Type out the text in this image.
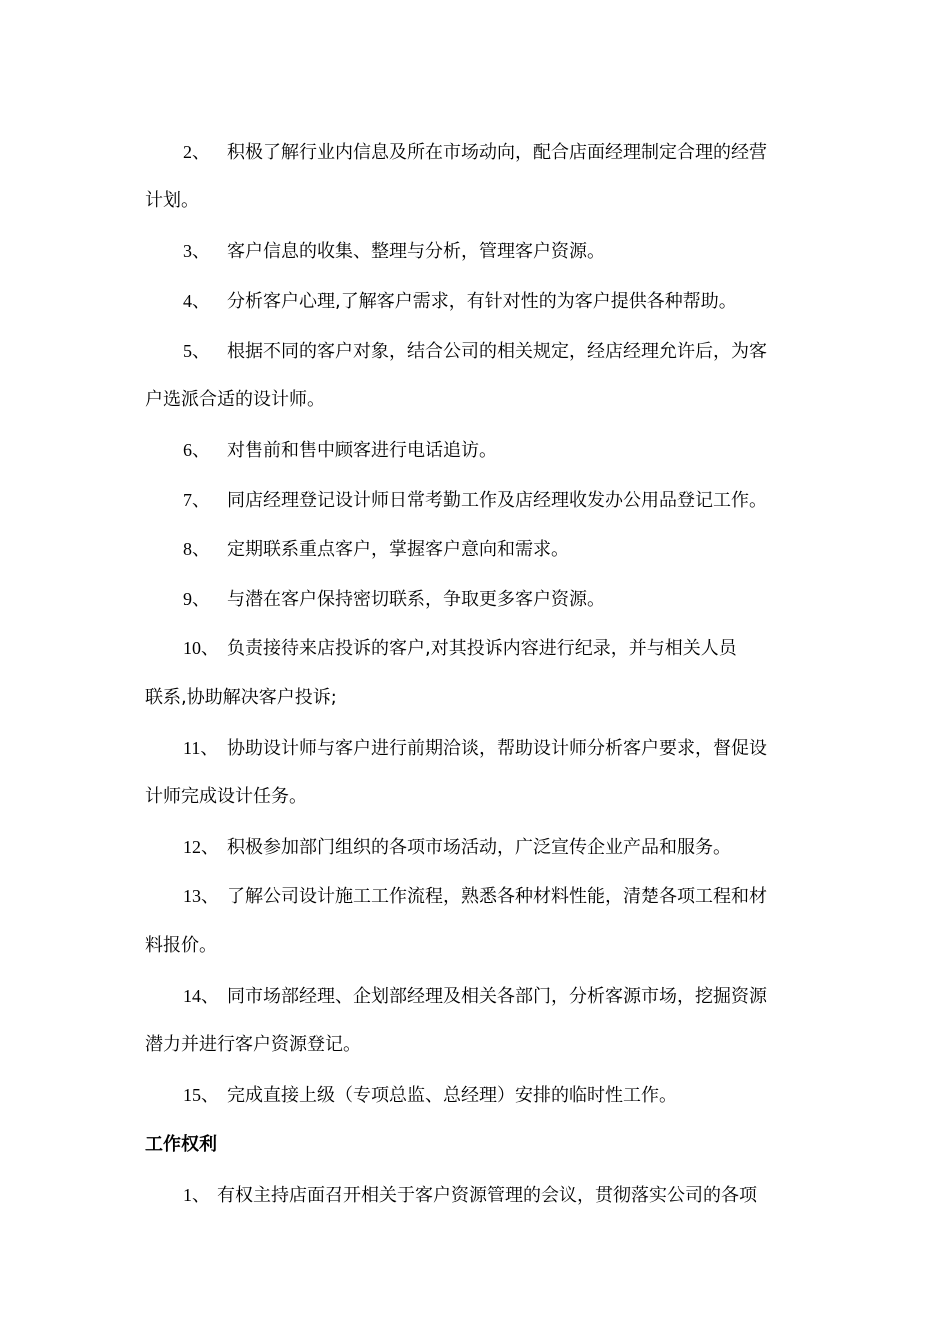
2、 积极了解行业内信息及所在市场动向，配合店面经理制定合理的经营
计划。
3、 客户信息的收集、整理与分析，管理客户资源。
4、 分析客户心理,了解客户需求，有针对性的为客户提供各种帮助。
5、 根据不同的客户对象，结合公司的相关规定，经店经理允许后，为客
户选派合适的设计师。
6、 对售前和售中顾客进行电话追访。
7、 同店经理登记设计师日常考勤工作及店经理收发办公用品登记工作。
8、 定期联系重点客户，掌握客户意向和需求。
9、 与潜在客户保持密切联系，争取更多客户资源。
10、 负责接待来店投诉的客户,对其投诉内容进行纪录，并与相关人员
联系,协助解决客户投诉;
11、 协助设计师与客户进行前期洽谈，帮助设计师分析客户要求，督促设
计师完成设计任务。
12、 积极参加部门组织的各项市场活动，广泛宣传企业产品和服务。
13、 了解公司设计施工工作流程，熟悉各种材料性能，清楚各项工程和材
料报价。
14、 同市场部经理、企划部经理及相关各部门，分析客源市场，挖掘资源
潜力并进行客户资源登记。
15、 完成直接上级（专项总监、总经理）安排的临时性工作。
工作权利
1、 有权主持店面召开相关于客户资源管理的会议，贯彻落实公司的各项
